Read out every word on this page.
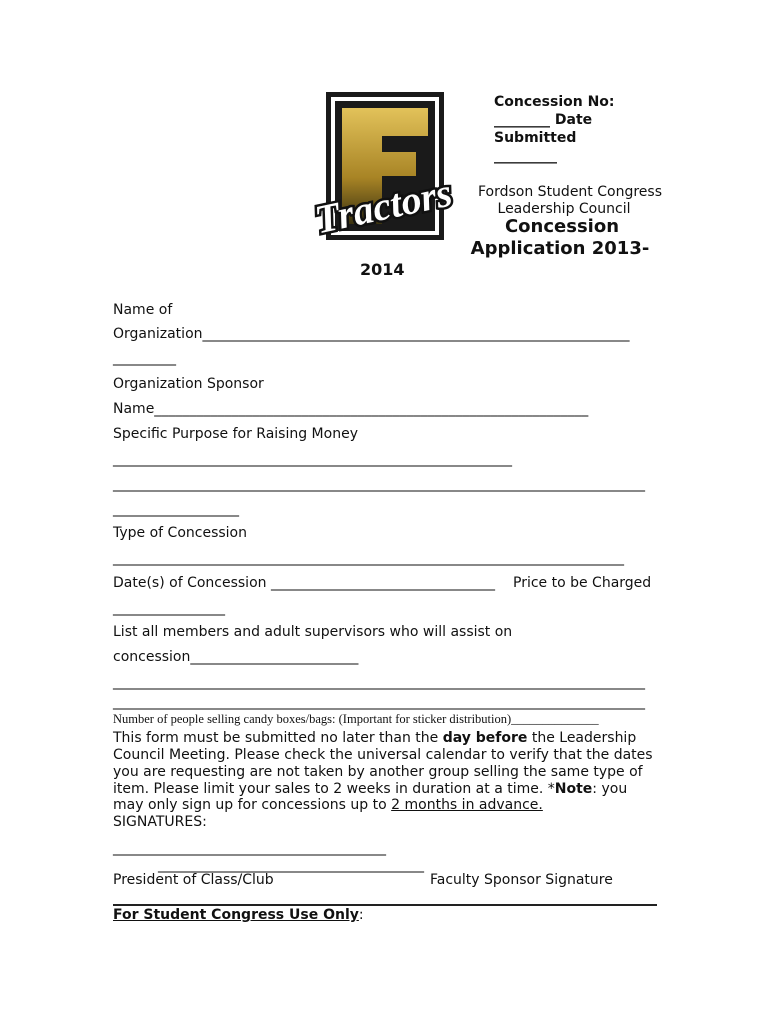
Tractors
Concession No:
________ Date
Submitted
_________
Fordson Student Congress
Leadership Council
Concession
Application 2013-
2014
Name of
Organization_____________________________________________________________
_________
Organization Sponsor
Name______________________________________________________________
Specific Purpose for Raising Money
_________________________________________________________
____________________________________________________________________________
__________________
Type of Concession
_________________________________________________________________________
Date(s) of Concession ________________________________ Price to be Charged
________________
List all members and adult supervisors who will assist on
concession________________________
____________________________________________________________________________
____________________________________________________________________________
Number of people selling candy boxes/bags: (Important for sticker distribution)______________
This form must be submitted no later than the day before the Leadership
Council Meeting. Please check the universal calendar to verify that the dates
you are requesting are not taken by another group selling the same type of
item. Please limit your sales to 2 weeks in duration at a time. *Note: you
may only sign up for concessions up to 2 months in advance.
SIGNATURES:
_______________________________________
______________________________________
President of Class/Club	Faculty Sponsor Signature
For Student Congress Use Only:
